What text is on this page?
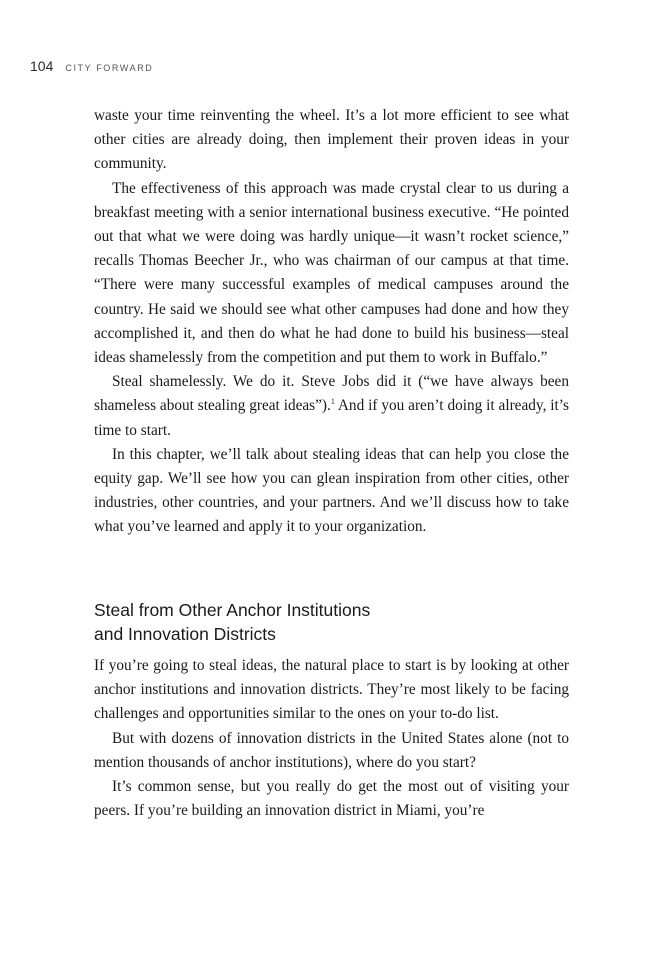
104 CITY FORWARD

waste your time reinventing the wheel. It’s a lot more efficient to see what other cities are already doing, then implement their proven ideas in your community.

The effectiveness of this approach was made crystal clear to us during a breakfast meeting with a senior international business executive. “He pointed out that what we were doing was hardly unique—it wasn’t rocket science,” recalls Thomas Beecher Jr., who was chairman of our campus at that time. “There were many successful examples of medical campuses around the country. He said we should see what other campuses had done and how they accomplished it, and then do what he had done to build his business—steal ideas shamelessly from the competition and put them to work in Buffalo.”

Steal shamelessly. We do it. Steve Jobs did it (“we have always been shameless about stealing great ideas”).$^1$ And if you aren’t doing it already, it’s time to start.

In this chapter, we’ll talk about stealing ideas that can help you close the equity gap. We’ll see how you can glean inspiration from other cities, other industries, other countries, and your partners. And we’ll discuss how to take what you’ve learned and apply it to your organization.

Steal from Other Anchor Institutions
and Innovation Districts

If you’re going to steal ideas, the natural place to start is by looking at other anchor institutions and innovation districts. They’re most likely to be facing challenges and opportunities similar to the ones on your to-do list.

But with dozens of innovation districts in the United States alone (not to mention thousands of anchor institutions), where do you start?

It’s common sense, but you really do get the most out of visiting your peers. If you’re building an innovation district in Miami, you’re
